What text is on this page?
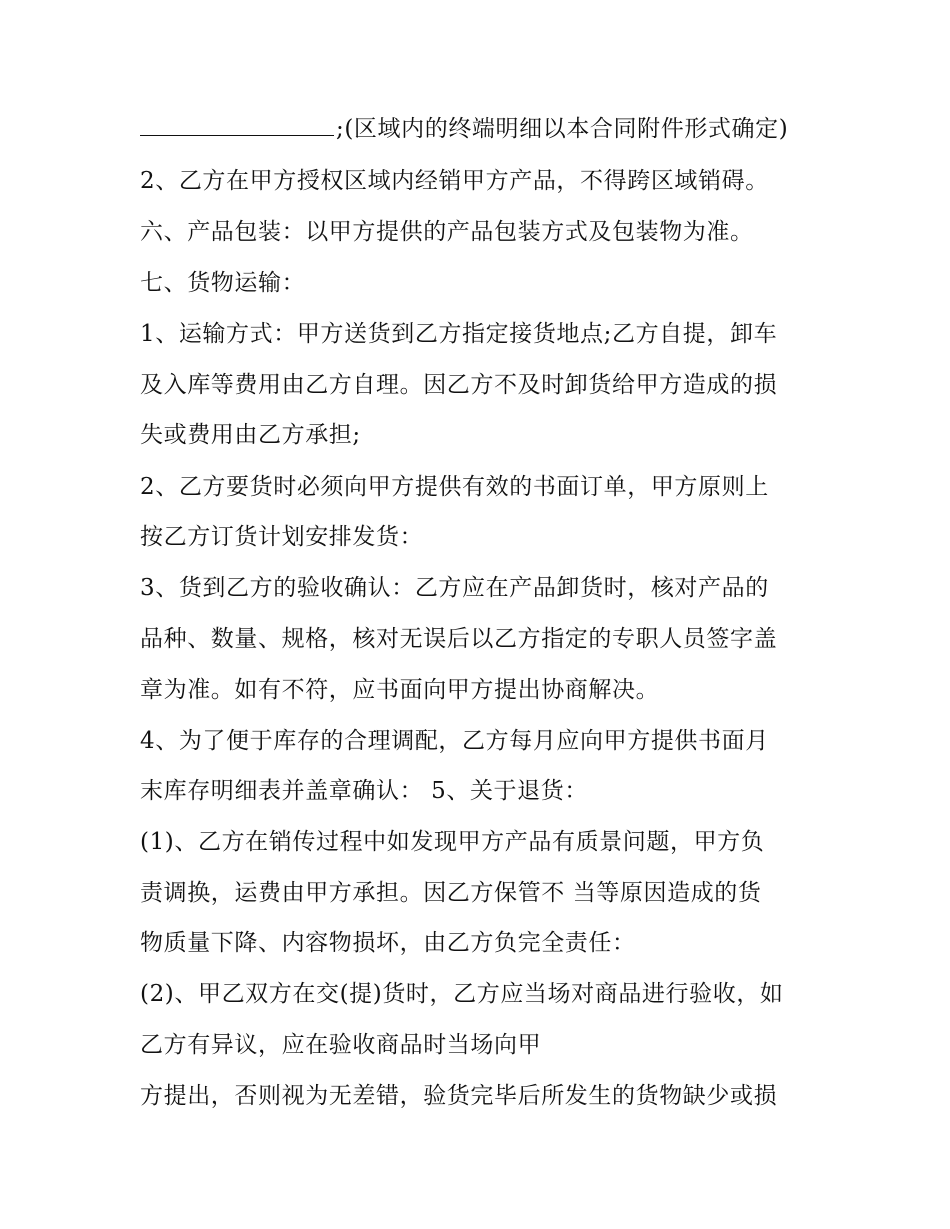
;(区域内的终端明细以本合同附件形式确定)
2、乙方在甲方授权区域内经销甲方产品，不得跨区域销碍。
六、产品包装：以甲方提供的产品包装方式及包装物为准。
七、货物运输：
1、运输方式：甲方送货到乙方指定接货地点;乙方自提，卸车
及入库等费用由乙方自理。因乙方不及时卸货给甲方造成的损
失或费用由乙方承担;
2、乙方要货时必须向甲方提供有效的书面订单，甲方原则上
按乙方订货计划安排发货：
3、货到乙方的验收确认：乙方应在产品卸货时，核对产品的
品种、数量、规格，核对无误后以乙方指定的专职人员签字盖
章为准。如有不符，应书面向甲方提出协商解决。
4、为了便于库存的合理调配，乙方每月应向甲方提供书面月
末库存明细表并盖章确认： 5、关于退货：
(1)、乙方在销传过程中如发现甲方产品有质景问题，甲方负
责调换，运费由甲方承担。因乙方保管不 当等原因造成的货
物质量下降、内容物损坏，由乙方负完全责任：
(2)、甲乙双方在交(提)货时，乙方应当场对商品进行验收，如
乙方有异议，应在验收商品时当场向甲
方提出，否则视为无差错，验货完毕后所发生的货物缺少或损
